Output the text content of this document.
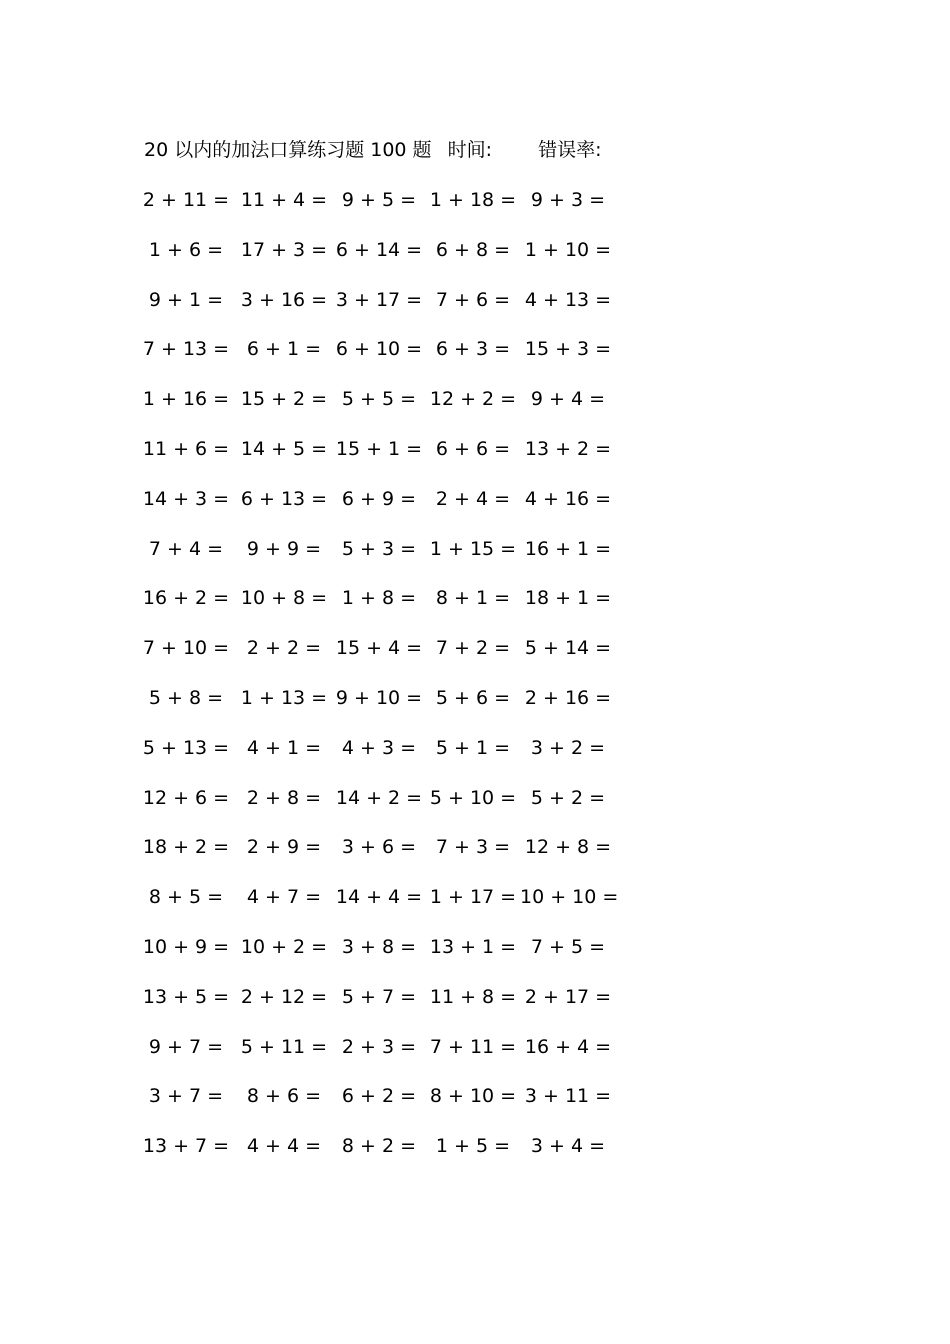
20 以内的加法口算练习题 100 题 时间: 错误率:
2 + 11 = 11 + 4 = 9 + 5 = 1 + 18 = 9 + 3 =
1 + 6 = 17 + 3 = 6 + 14 = 6 + 8 = 1 + 10 =
9 + 1 = 3 + 16 = 3 + 17 = 7 + 6 = 4 + 13 =
7 + 13 = 6 + 1 = 6 + 10 = 6 + 3 = 15 + 3 =
1 + 16 = 15 + 2 = 5 + 5 = 12 + 2 = 9 + 4 =
11 + 6 = 14 + 5 = 15 + 1 = 6 + 6 = 13 + 2 =
14 + 3 = 6 + 13 = 6 + 9 =	2 + 4 = 4 + 16 =
7 + 4 =	9 + 9 =	5 + 3 = 1 + 15 = 16 + 1 =
16 + 2 = 10 + 8 = 1 + 8 =	8 + 1 = 18 + 1 =
7 + 10 = 2 + 2 = 15 + 4 = 7 + 2 = 5 + 14 =
5 + 8 = 1 + 13 = 9 + 10 = 5 + 6 = 2 + 16 =
5 + 13 = 4 + 1 =	4 + 3 =	5 + 1 =	3 + 2 =
12 + 6 = 2 + 8 = 14 + 2 = 5 + 10 = 5 + 2 =
18 + 2 = 2 + 9 =	3 + 6 =	7 + 3 = 12 + 8 =
8 + 5 =	4 + 7 = 14 + 4 = 1 + 17 = 10 + 10 =
10 + 9 = 10 + 2 = 3 + 8 = 13 + 1 = 7 + 5 =
13 + 5 = 2 + 12 = 5 + 7 = 11 + 8 = 2 + 17 =
9 + 7 = 5 + 11 = 2 + 3 = 7 + 11 = 16 + 4 =
3 + 7 =	8 + 6 =	6 + 2 = 8 + 10 = 3 + 11 =
13 + 7 = 4 + 4 =	8 + 2 =	1 + 5 =	3 + 4 =
